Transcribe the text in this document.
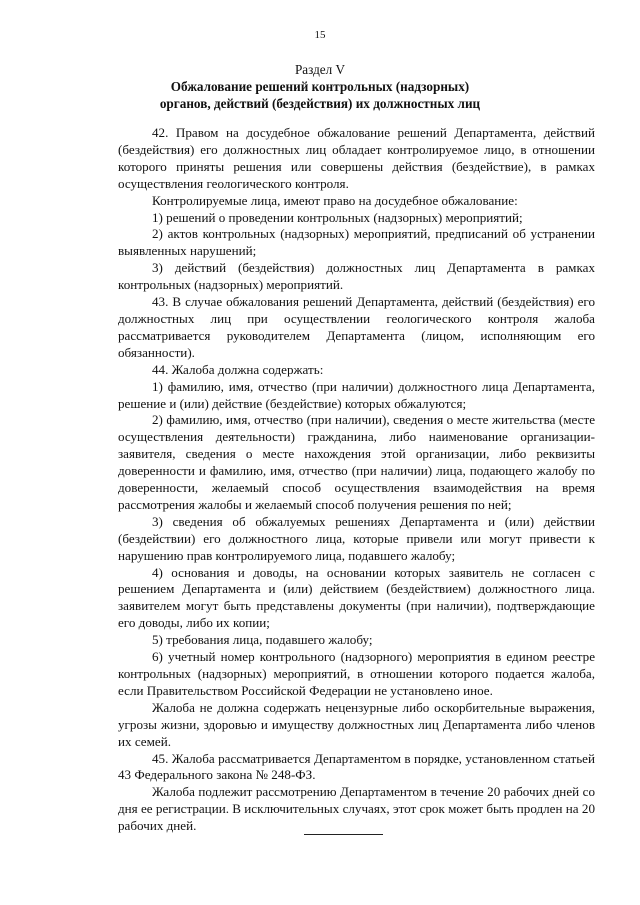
15
Раздел V
Обжалование решений контрольных (надзорных)
органов, действий (бездействия) их должностных лиц

42. Правом на досудебное обжалование решений Департамента, действий (бездействия) его должностных лиц обладает контролируемое лицо, в отношении которого приняты решения или совершены действия (бездействие), в рамках осуществления геологического контроля.

Контролируемые лица, имеют право на досудебное обжалование:

1) решений о проведении контрольных (надзорных) мероприятий;

2) актов контрольных (надзорных) мероприятий, предписаний об устранении выявленных нарушений;

3) действий (бездействия) должностных лиц Департамента в рамках контрольных (надзорных) мероприятий.

43. В случае обжалования решений Департамента, действий (бездействия) его должностных лиц при осуществлении геологического контроля жалоба рассматривается руководителем Департамента (лицом, исполняющим его обязанности).

44. Жалоба должна содержать:

1) фамилию, имя, отчество (при наличии) должностного лица Департамента, решение и (или) действие (бездействие) которых обжалуются;

2) фамилию, имя, отчество (при наличии), сведения о месте жительства (месте осуществления деятельности) гражданина, либо наименование организации-заявителя, сведения о месте нахождения этой организации, либо реквизиты доверенности и фамилию, имя, отчество (при наличии) лица, подающего жалобу по доверенности, желаемый способ осуществления взаимодействия на время рассмотрения жалобы и желаемый способ получения решения по ней;

3) сведения об обжалуемых решениях Департамента и (или) действии (бездействии) его должностного лица, которые привели или могут привести к нарушению прав контролируемого лица, подавшего жалобу;

4) основания и доводы, на основании которых заявитель не согласен с решением Департамента и (или) действием (бездействием) должностного лица. заявителем могут быть представлены документы (при наличии), подтверждающие его доводы, либо их копии;

5) требования лица, подавшего жалобу;

6) учетный номер контрольного (надзорного) мероприятия в едином реестре контрольных (надзорных) мероприятий, в отношении которого подается жалоба, если Правительством Российской Федерации не установлено иное.

Жалоба не должна содержать нецензурные либо оскорбительные выражения, угрозы жизни, здоровью и имуществу должностных лиц Департамента либо членов их семей.

45. Жалоба рассматривается Департаментом в порядке, установленном статьей 43 Федерального закона № 248-ФЗ.

Жалоба подлежит рассмотрению Департаментом в течение 20 рабочих дней со дня ее регистрации. В исключительных случаях, этот срок может быть продлен на 20 рабочих дней.
